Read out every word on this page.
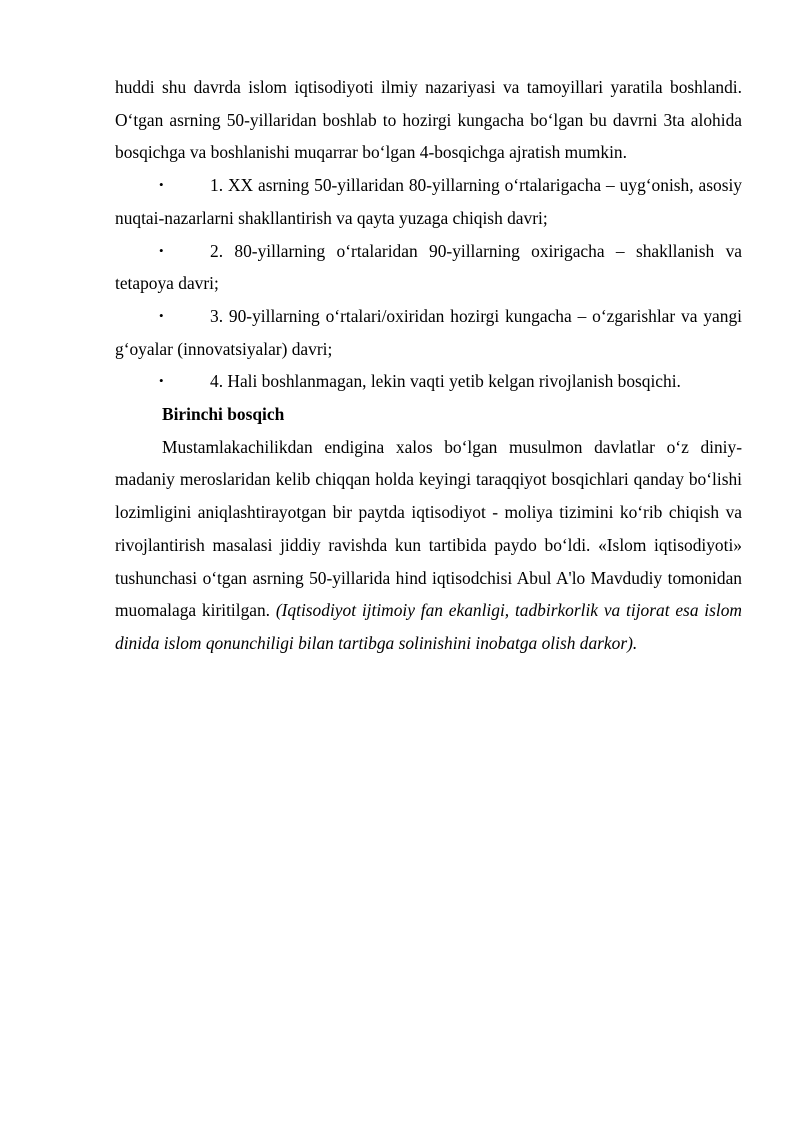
huddi shu davrda islom iqtisodiyoti ilmiy nazariyasi va tamoyillari yaratila boshlandi. O‘tgan asrning 50-yillaridan boshlab to hozirgi kungacha bo‘lgan bu davrni 3ta alohida bosqichga va boshlanishi muqarrar bo‘lgan 4-bosqichga ajratish mumkin.

•	1. XX asrning 50-yillaridan 80-yillarning o‘rtalarigacha – uyg‘onish, asosiy nuqtai-nazarlarni shakllantirish va qayta yuzaga chiqish davri;

•	2. 80-yillarning o‘rtalaridan 90-yillarning oxirigacha – shakllanish va tetapoya davri;

•	3. 90-yillarning o‘rtalari/oxiridan hozirgi kungacha – o‘zgarishlar va yangi g‘oyalar (innovatsiyalar) davri;

•	4. Hali boshlanmagan, lekin vaqti yetib kelgan rivojlanish bosqichi.

Birinchi bosqich

Mustamlakachilikdan endigina xalos bo‘lgan musulmon davlatlar o‘z diniy-madaniy meroslaridan kelib chiqqan holda keyingi taraqqiyot bosqichlari qanday bo‘lishi lozimligini aniqlashtirayotgan bir paytda iqtisodiyot - moliya tizimini ko‘rib chiqish va rivojlantirish masalasi jiddiy ravishda kun tartibida paydo bo‘ldi. «Islom iqtisodiyoti» tushunchasi o‘tgan asrning 50-yillarida hind iqtisodchisi Abul A'lo Mavdudiy tomonidan muomalaga kiritilgan. (Iqtisodiyot ijtimoiy fan ekanligi, tadbirkorlik va tijorat esa islom dinida islom qonunchiligi bilan tartibga solinishini inobatga olish darkor).
